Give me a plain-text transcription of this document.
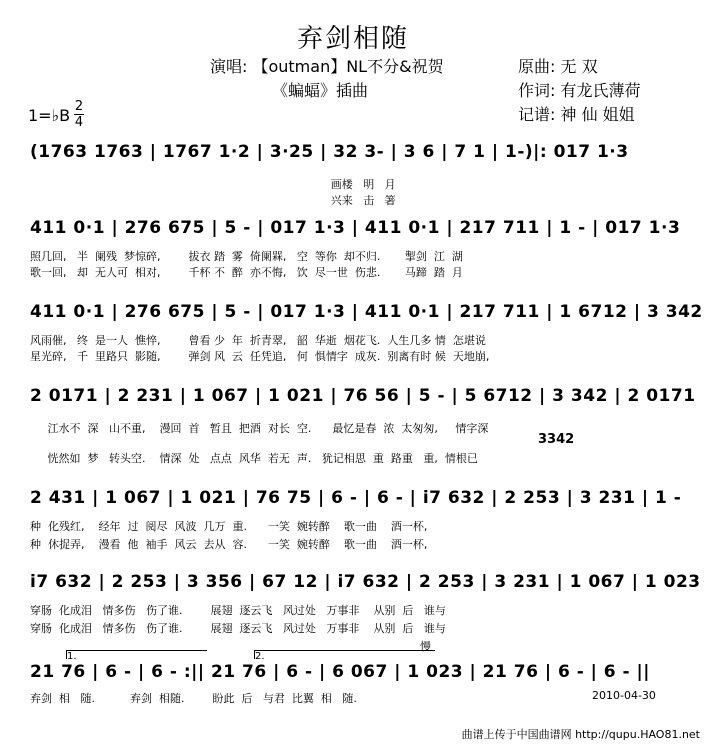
弃剑相随
演唱: 【outman】NL不分&祝贺
《蝙蝠》插曲
原曲: 无 双
作词: 有龙氏薄荷
记谱: 神 仙 姐姐
1=♭B 2
4
(1763 1763 | 1767 1·2 | 3·25 | 32 3- | 3 6 | 7 1 | 1-)|: 017 1·3
画楼   明   月
兴来   击   箸
411 0·1 | 276 675 | 5 - | 017 1·3 | 411 0·1 | 217 711 | 1 - | 017 1·3
照几回,   半  阑残  梦惊碎,        拔衣 踏  雾  倚阑槑,   空  等你  却不归.       掣剑  江  湖
歌一回,   却  无人可  相对,        千杯 不  醉  亦不悔,   饮  尽一世  伤悲.       马蹄  踏  月
411 0·1 | 276 675 | 5 - | 017 1·3 | 411 0·1 | 217 711 | 1 6712 | 3 342
风雨催,   终  是一人  憔悴,        曾看 少  年  折青翠,   韶  华逝  烟花飞.  人生几多 情  怎堪说
星光碎,   千  里路只  影随,        弹剑 风  云  任凭追,   何  惧情字  成灰.  别离有时 候  天地崩,
2 0171 | 2 231 | 1 067 | 1 021 | 76 56 | 5 - | 5 6712 | 3 342 | 2 0171
江水不  深   山不重,    漫回  首   暂且  把酒  对长  空.      最忆是春  浓  太匆匆,     情字深
3342
恍然如  梦   转头空.    情深  处   点点  风华  若无  声.   犹记相思  重  路重   重,  情根已
2 431 | 1 067 | 1 021 | 76 75 | 6 - | 6 - | i7 632 | 2 253 | 3 231 | 1 -
种  化残红,    经年  过  阅尽  风波  几万  重.      一笑  婉转醉    歌一曲    酒一杯,
种  休捉弄,    漫看  他  袖手  风云  去从  容.      一笑  婉转醉    歌一曲    酒一杯,
i7 632 | 2 253 | 3 356 | 67 12 | i7 632 | 2 253 | 3 231 | 1 067 | 1 023
穿肠  化成泪   情多伤   伤了谁.        展翅  逐云飞   风过处   万事非    从别  后   谁与
穿肠  化成泪   情多伤   伤了谁.        展翅  逐云飞   风过处   万事非    从别  后   谁与
慢
1.	2.
21 76 | 6 - | 6 - :|| 21 76 | 6 - | 6 067 | 1 023 | 21 76 | 6 - | 6 - ||
弃剑  相   随.          弃剑  相随.        盼此  后   与君  比翼  相   随.	2010-04-30
曲谱上传于中国曲谱网 http://qupu.HAO81.net
